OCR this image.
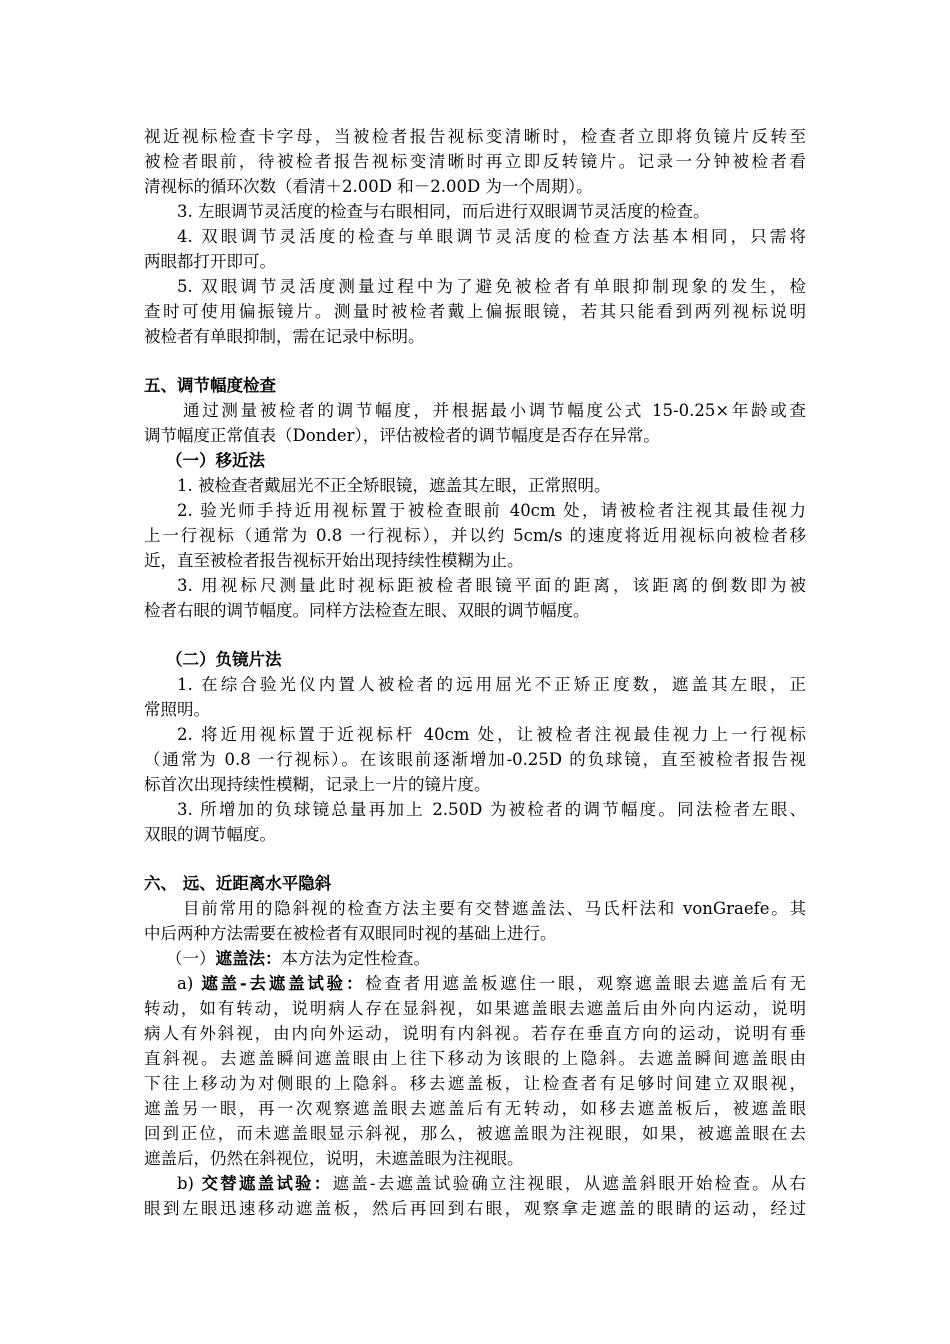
视近视标检查卡字母，当被检者报告视标变清晰时，检查者立即将负镜片反转至
被检者眼前，待被检者报告视标变清晰时再立即反转镜片。记录一分钟被检者看
清视标的循环次数（看清＋2.00D 和－2.00D 为一个周期）。
3. 左眼调节灵活度的检查与右眼相同，而后进行双眼调节灵活度的检查。
4. 双眼调节灵活度的检查与单眼调节灵活度的检查方法基本相同，只需将
两眼都打开即可。
5. 双眼调节灵活度测量过程中为了避免被检者有单眼抑制现象的发生，检
查时可使用偏振镜片。测量时被检者戴上偏振眼镜，若其只能看到两列视标说明
被检者有单眼抑制，需在记录中标明。
五、调节幅度检查
通过测量被检者的调节幅度，并根据最小调节幅度公式 15-0.25×年龄或查
调节幅度正常值表（Donder），评估被检者的调节幅度是否存在异常。
（一）移近法
1. 被检查者戴屈光不正全矫眼镜，遮盖其左眼，正常照明。
2. 验光师手持近用视标置于被检查眼前 40cm 处，请被检者注视其最佳视力
上一行视标（通常为 0.8 一行视标），并以约 5cm/s 的速度将近用视标向被检者移
近，直至被检者报告视标开始出现持续性模糊为止。
3. 用视标尺测量此时视标距被检者眼镜平面的距离，该距离的倒数即为被
检者右眼的调节幅度。同样方法检查左眼、双眼的调节幅度。
（二）负镜片法
1. 在综合验光仪内置人被检者的远用屈光不正矫正度数，遮盖其左眼，正
常照明。
2. 将近用视标置于近视标杆 40cm 处，让被检者注视最佳视力上一行视标
（通常为 0.8 一行视标）。在该眼前逐渐增加-0.25D 的负球镜，直至被检者报告视
标首次出现持续性模糊，记录上一片的镜片度。
3. 所增加的负球镜总量再加上 2.50D 为被检者的调节幅度。同法检者左眼、
双眼的调节幅度。
六、 远、近距离水平隐斜
目前常用的隐斜视的检查方法主要有交替遮盖法、马氏杆法和 vonGraefe。其
中后两种方法需要在被检者有双眼同时视的基础上进行。
（一）遮盖法：本方法为定性检查。
a) 遮盖-去遮盖试验：检查者用遮盖板遮住一眼，观察遮盖眼去遮盖后有无
转动，如有转动，说明病人存在显斜视，如果遮盖眼去遮盖后由外向内运动，说明
病人有外斜视，由内向外运动，说明有内斜视。若存在垂直方向的运动，说明有垂
直斜视。去遮盖瞬间遮盖眼由上往下移动为该眼的上隐斜。去遮盖瞬间遮盖眼由
下往上移动为对侧眼的上隐斜。移去遮盖板，让检查者有足够时间建立双眼视，
遮盖另一眼，再一次观察遮盖眼去遮盖后有无转动，如移去遮盖板后，被遮盖眼
回到正位，而未遮盖眼显示斜视，那么，被遮盖眼为注视眼，如果，被遮盖眼在去
遮盖后，仍然在斜视位，说明，未遮盖眼为注视眼。
b) 交替遮盖试验：遮盖-去遮盖试验确立注视眼，从遮盖斜眼开始检查。从右
眼到左眼迅速移动遮盖板，然后再回到右眼，观察拿走遮盖的眼睛的运动，经过
